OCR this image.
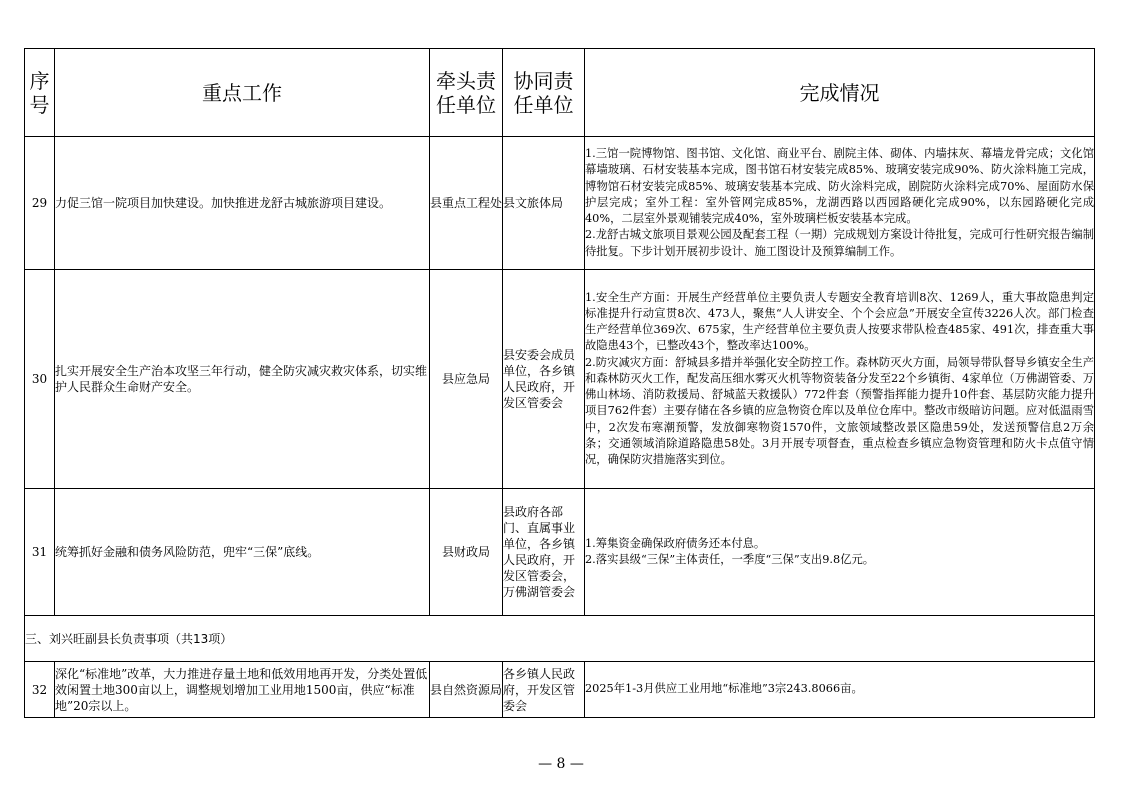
序号	重点工作	牵头责任单位	协同责任单位	完成情况
29	力促三馆一院项目加快建设。加快推进龙舒古城旅游项目建设。	县重点工程处	县文旅体局	1.三馆一院博物馆、图书馆、文化馆、商业平台、剧院主体、砌体、内墙抹灰、幕墙龙骨完成；文化馆幕墙玻璃、石材安装基本完成，图书馆石材安装完成85%、玻璃安装完成90%、防火涂料施工完成，博物馆石材安装完成85%、玻璃安装基本完成、防火涂料完成，剧院防火涂料完成70%、屋面防水保护层完成；室外工程：室外管网完成85%，龙湖西路以西园路硬化完成90%，以东园路硬化完成40%，二层室外景观铺装完成40%，室外玻璃栏板安装基本完成。

2.龙舒古城文旅项目景观公园及配套工程（一期）完成规划方案设计待批复，完成可行性研究报告编制待批复。下步计划开展初步设计、施工图设计及预算编制工作。

30	扎实开展安全生产治本攻坚三年行动，健全防灾减灾救灾体系，切实维护人民群众生命财产安全。	县应急局	县安委会成员单位，各乡镇人民政府，开发区管委会	1.安全生产方面：开展生产经营单位主要负责人专题安全教育培训8次、1269人，重大事故隐患判定标准提升行动宣贯8次、473人，聚焦“人人讲安全、个个会应急”开展安全宣传3226人次。部门检查生产经营单位369次、675家，生产经营单位主要负责人按要求带队检查485家、491次，排查重大事故隐患43个，已整改43个，整改率达100%。

2.防灾减灾方面：舒城县多措并举强化安全防控工作。森林防灭火方面，局领导带队督导乡镇安全生产和森林防灭火工作，配发高压细水雾灭火机等物资装备分发至22个乡镇街、4家单位（万佛湖管委、万佛山林场、消防救援局、舒城蓝天救援队）772件套（预警指挥能力提升10件套、基层防灾能力提升项目762件套）主要存储在各乡镇的应急物资仓库以及单位仓库中。整改市级暗访问题。应对低温雨雪中，2次发布寒潮预警，发放御寒物资1570件，文旅领域整改景区隐患59处，发送预警信息2万余条；交通领域消除道路隐患58处。3月开展专项督查，重点检查乡镇应急物资管理和防火卡点值守情况，确保防灾措施落实到位。

31	统筹抓好金融和债务风险防范，兜牢“三保”底线。	县财政局	县政府各部门、直属事业单位，各乡镇人民政府，开发区管委会，万佛湖管委会	1.筹集资金确保政府债务还本付息。

2.落实县级“三保”主体责任，一季度“三保”支出9.8亿元。

三、刘兴旺副县长负责事项（共13项）				
32	深化“标准地”改革，大力推进存量土地和低效用地再开发，分类处置低效闲置土地300亩以上，调整规划增加工业用地1500亩，供应“标准地”20宗以上。	县自然资源局	各乡镇人民政府，开发区管委会	2025年1-3月供应工业用地“标准地”3宗243.8066亩。
— 8 —
